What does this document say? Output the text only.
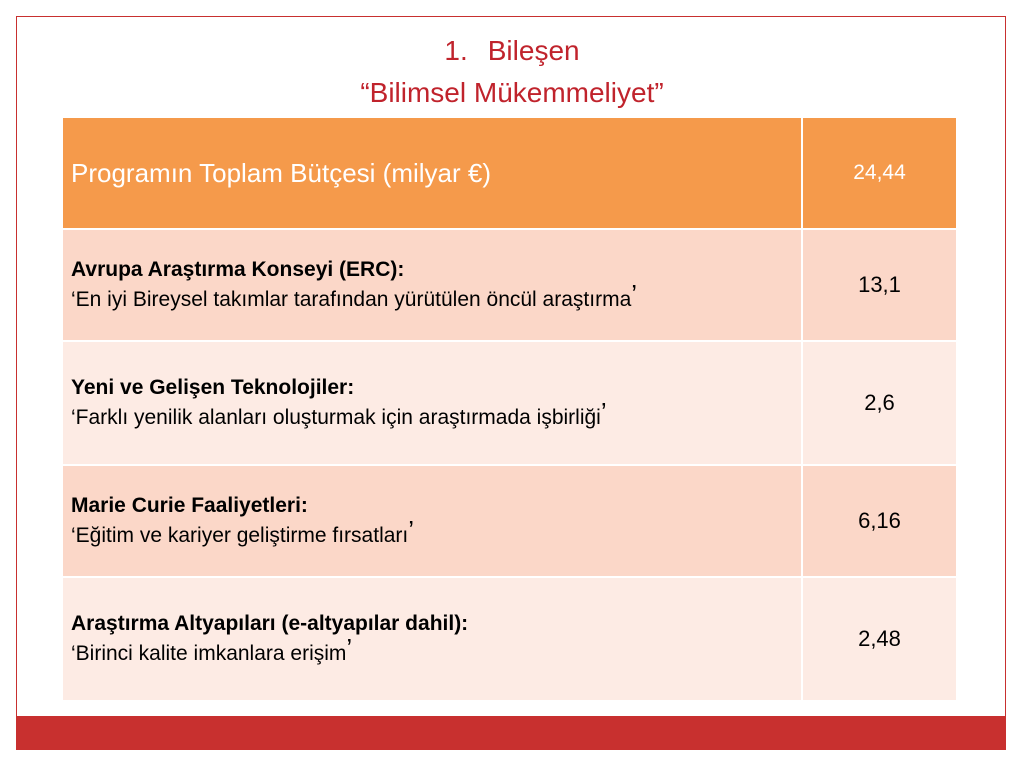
1. Bileşen
“Bilimsel Mükemmeliyet”
Programın Toplam Bütçesi (milyar €)	24,44

Avrupa Araştırma Konseyi (ERC):
‘En iyi Bireysel takımlar tarafından yürütülen öncül araştırma’	13,1

Yeni ve Gelişen Teknolojiler:
‘Farklı yenilik alanları oluşturmak için araştırmada işbirliği’	2,6

Marie Curie Faaliyetleri:
‘Eğitim ve kariyer geliştirme fırsatları’	6,16

Araştırma Altyapıları (e-altyapılar dahil):
‘Birinci kalite imkanlara erişim’	2,48
